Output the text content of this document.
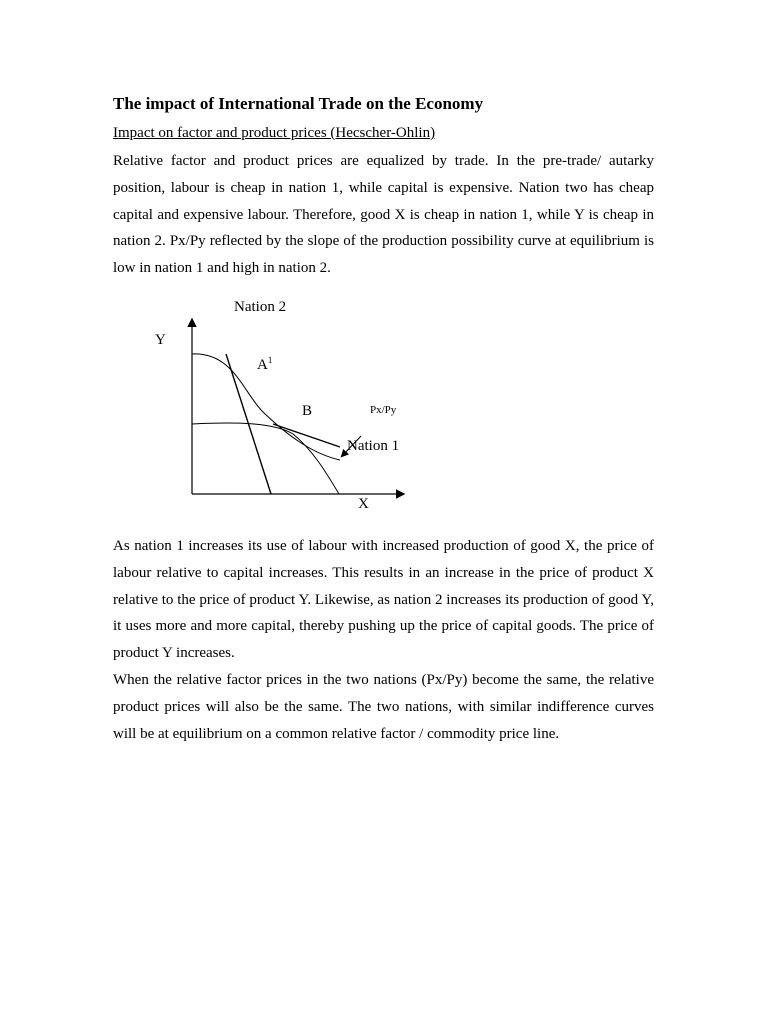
The impact of International Trade on the Economy
Impact on factor and product prices (Hecscher-Ohlin)

Relative factor and product prices are equalized by trade. In the pre-trade/ autarky position, labour is cheap in nation 1, while capital is expensive. Nation two has cheap capital and expensive labour. Therefore, good X is cheap in nation 1, while Y is cheap in nation 2. Px/Py reflected by the slope of the production possibility curve at equilibrium is low in nation 1 and high in nation 2.

Nation 2
Y
$A^1$
B	Px/Py
Nation 1
X

As nation 1 increases its use of labour with increased production of good X, the price of labour relative to capital increases. This results in an increase in the price of product X relative to the price of product Y. Likewise, as nation 2 increases its production of good Y, it uses more and more capital, thereby pushing up the price of capital goods. The price of product Y increases.

When the relative factor prices in the two nations (Px/Py) become the same, the relative product prices will also be the same. The two nations, with similar indifference curves will be at equilibrium on a common relative factor / commodity price line.
